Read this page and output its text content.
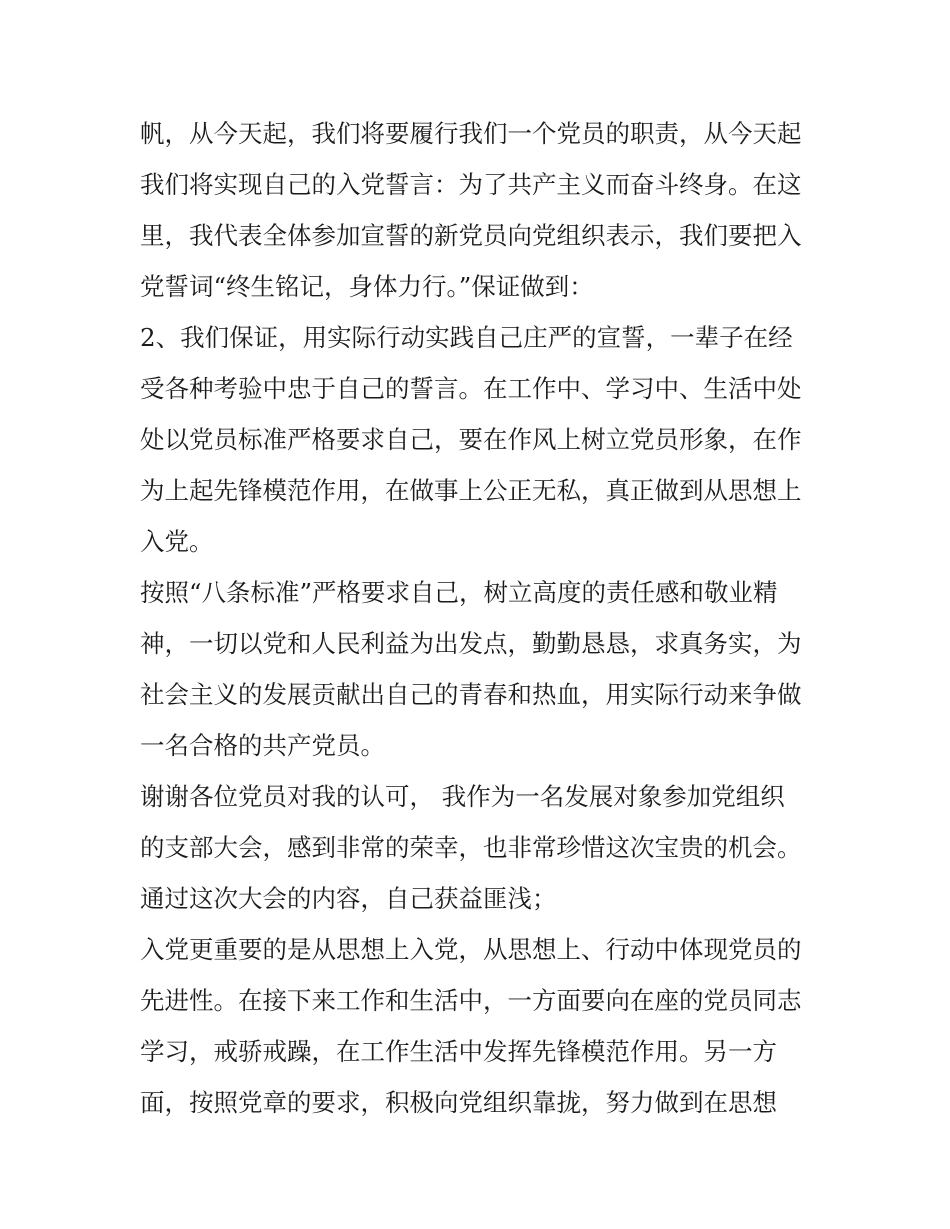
帆，从今天起，我们将要履行我们一个党员的职责，从今天起
我们将实现自己的入党誓言：为了共产主义而奋斗终身。在这
里，我代表全体参加宣誓的新党员向党组织表示，我们要把入
党誓词“终生铭记，身体力行。”保证做到：
2、我们保证，用实际行动实践自己庄严的宣誓，一辈子在经
受各种考验中忠于自己的誓言。在工作中、学习中、生活中处
处以党员标准严格要求自己，要在作风上树立党员形象，在作
为上起先锋模范作用，在做事上公正无私，真正做到从思想上
入党。
按照“八条标准”严格要求自己，树立高度的责任感和敬业精
神，一切以党和人民利益为出发点，勤勤恳恳，求真务实，为
社会主义的发展贡献出自己的青春和热血，用实际行动来争做
一名合格的共产党员。
谢谢各位党员对我的认可， 我作为一名发展对象参加党组织
的支部大会，感到非常的荣幸，也非常珍惜这次宝贵的机会。
通过这次大会的内容，自己获益匪浅；
入党更重要的是从思想上入党，从思想上、行动中体现党员的
先进性。在接下来工作和生活中，一方面要向在座的党员同志
学习，戒骄戒躁，在工作生活中发挥先锋模范作用。另一方
面，按照党章的要求，积极向党组织靠拢，努力做到在思想
